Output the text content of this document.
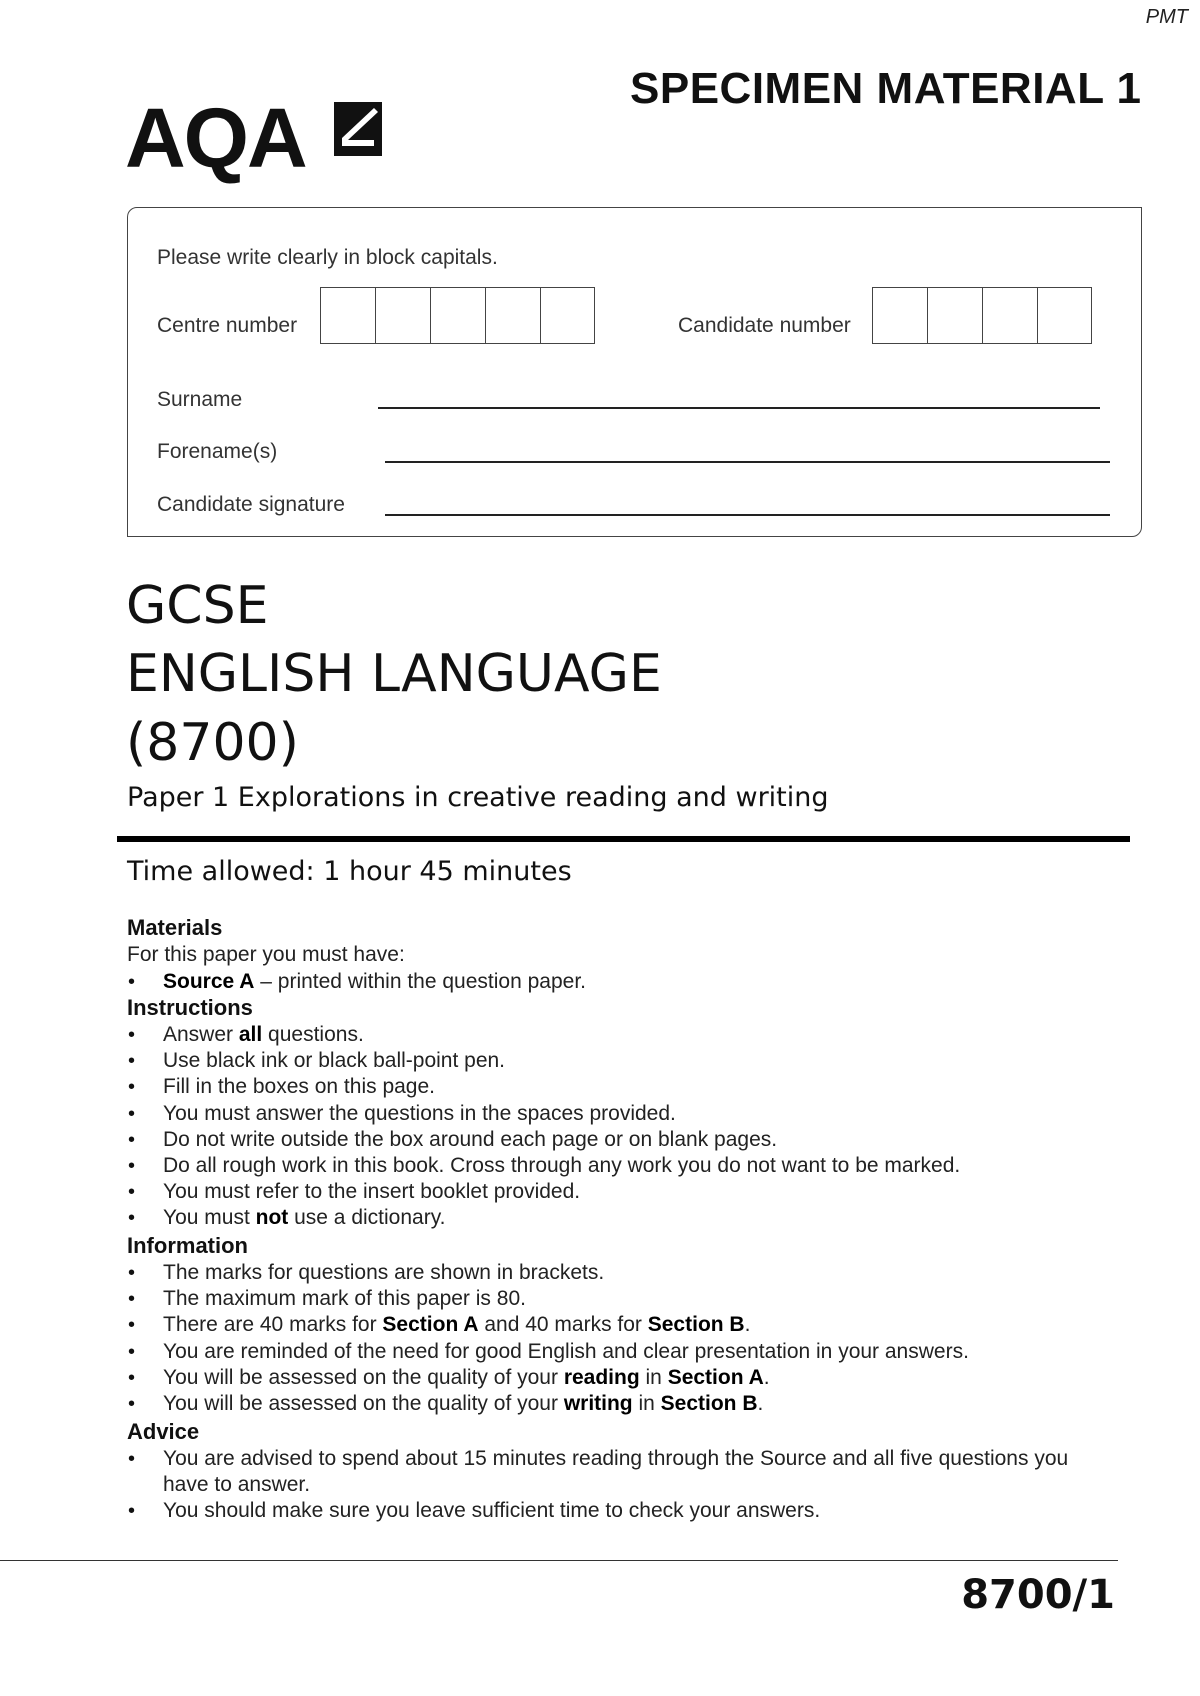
PMT
SPECIMEN MATERIAL 1
AQA
Please write clearly in block capitals.
Centre number	Candidate number
Surname
Forename(s)
Candidate signature
GCSE
ENGLISH LANGUAGE
(8700)
Paper 1 Explorations in creative reading and writing
Time allowed: 1 hour 45 minutes
Materials
For this paper you must have:
• Source A – printed within the question paper.
Instructions
• Answer all questions.
• Use black ink or black ball-point pen.
• Fill in the boxes on this page.
• You must answer the questions in the spaces provided.
• Do not write outside the box around each page or on blank pages.
• Do all rough work in this book. Cross through any work you do not want to be marked.
• You must refer to the insert booklet provided.
• You must not use a dictionary.
Information
• The marks for questions are shown in brackets.
• The maximum mark of this paper is 80.
• There are 40 marks for Section A and 40 marks for Section B.
• You are reminded of the need for good English and clear presentation in your answers.
• You will be assessed on the quality of your reading in Section A.
• You will be assessed on the quality of your writing in Section B.
Advice
• You are advised to spend about 15 minutes reading through the Source and all five questions you have to answer.
• You should make sure you leave sufficient time to check your answers.
8700/1
